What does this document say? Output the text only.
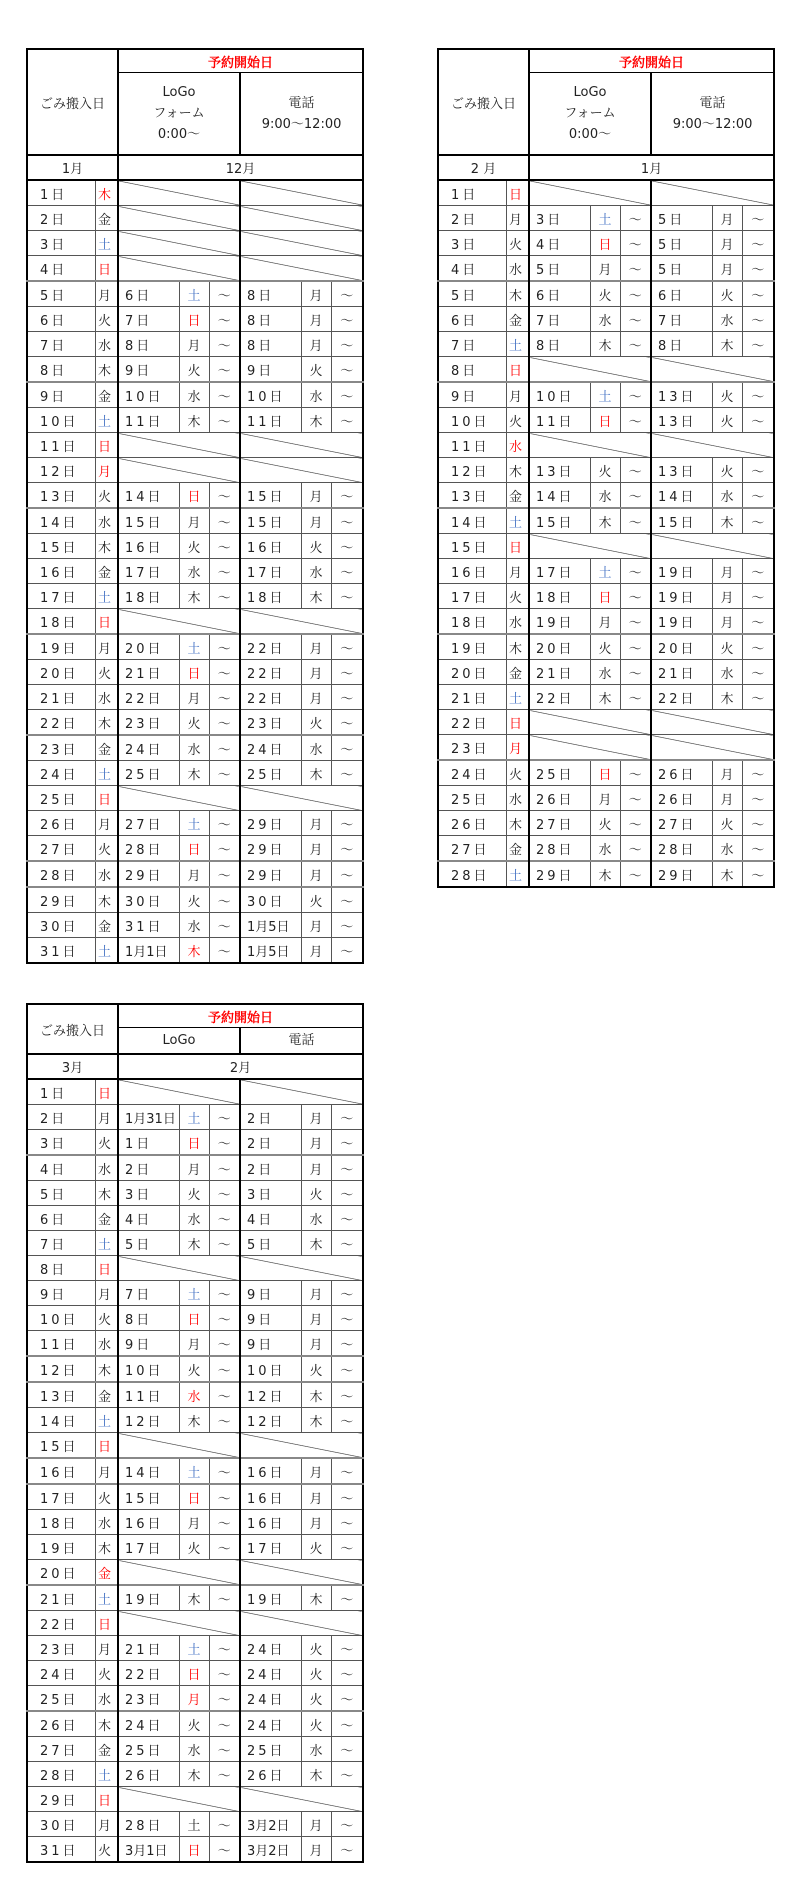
ごみ搬入日		予約開始日					

LoGo
フォーム
0:00～

電話
9:00～12:00

1月		12月					
1日	木						
2日	金						
3日	土						
4日	日						
5日	月	6日	土	～	8日	月	～
6日	火	7日	日	～	8日	月	～
7日	水	8日	月	～	8日	月	～
8日	木	9日	火	～	9日	火	～
9日	金	10日	水	～	10日	水	～
10日	土	11日	木	～	11日	木	～
11日	日						
12日	月						
13日	火	14日	日	～	15日	月	～
14日	水	15日	月	～	15日	月	～
15日	木	16日	火	～	16日	火	～
16日	金	17日	水	～	17日	水	～
17日	土	18日	木	～	18日	木	～
18日	日						
19日	月	20日	土	～	22日	月	～
20日	火	21日	日	～	22日	月	～
21日	水	22日	月	～	22日	月	～
22日	木	23日	火	～	23日	火	～
23日	金	24日	水	～	24日	水	～
24日	土	25日	木	～	25日	木	～
25日	日						
26日	月	27日	土	～	29日	月	～
27日	火	28日	日	～	29日	月	～
28日	水	29日	月	～	29日	月	～
29日	木	30日	火	～	30日	火	～
30日	金	31日	水	～	1月5日	月	～
31日	土	1月1日	木	～	1月5日	月	～
ごみ搬入日		予約開始日					

LoGo
フォーム
0:00～

電話
9:00～12:00

2 月		1月					
1日	日						
2日	月	3日	土	～	5日	月	～
3日	火	4日	日	～	5日	月	～
4日	水	5日	月	～	5日	月	～
5日	木	6日	火	～	6日	火	～
6日	金	7日	水	～	7日	水	～
7日	土	8日	木	～	8日	木	～
8日	日						
9日	月	10日	土	～	13日	火	～
10日	火	11日	日	～	13日	火	～
11日	水						
12日	木	13日	火	～	13日	火	～
13日	金	14日	水	～	14日	水	～
14日	土	15日	木	～	15日	木	～
15日	日						
16日	月	17日	土	～	19日	月	～
17日	火	18日	日	～	19日	月	～
18日	水	19日	月	～	19日	月	～
19日	木	20日	火	～	20日	火	～
20日	金	21日	水	～	21日	水	～
21日	土	22日	木	～	22日	木	～
22日	日						
23日	月						
24日	火	25日	日	～	26日	月	～
25日	水	26日	月	～	26日	月	～
26日	木	27日	火	～	27日	火	～
27日	金	28日	水	～	28日	水	～
28日	土	29日	木	～	29日	木	～
ごみ搬入日		予約開始日					
		LoGo			電話		
3月		2月					
1日	日						
2日	月	1月31日	土	～	2日	月	～
3日	火	1日	日	～	2日	月	～
4日	水	2日	月	～	2日	月	～
5日	木	3日	火	～	3日	火	～
6日	金	4日	水	～	4日	水	～
7日	土	5日	木	～	5日	木	～
8日	日						
9日	月	7日	土	～	9日	月	～
10日	火	8日	日	～	9日	月	～
11日	水	9日	月	～	9日	月	～
12日	木	10日	火	～	10日	火	～
13日	金	11日	水	～	12日	木	～
14日	土	12日	木	～	12日	木	～
15日	日						
16日	月	14日	土	～	16日	月	～
17日	火	15日	日	～	16日	月	～
18日	水	16日	月	～	16日	月	～
19日	木	17日	火	～	17日	火	～
20日	金						
21日	土	19日	木	～	19日	木	～
22日	日						
23日	月	21日	土	～	24日	火	～
24日	火	22日	日	～	24日	火	～
25日	水	23日	月	～	24日	火	～
26日	木	24日	火	～	24日	火	～
27日	金	25日	水	～	25日	水	～
28日	土	26日	木	～	26日	木	～
29日	日						
30日	月	28日	土	～	3月2日	月	～
31日	火	3月1日	日	～	3月2日	月	～
